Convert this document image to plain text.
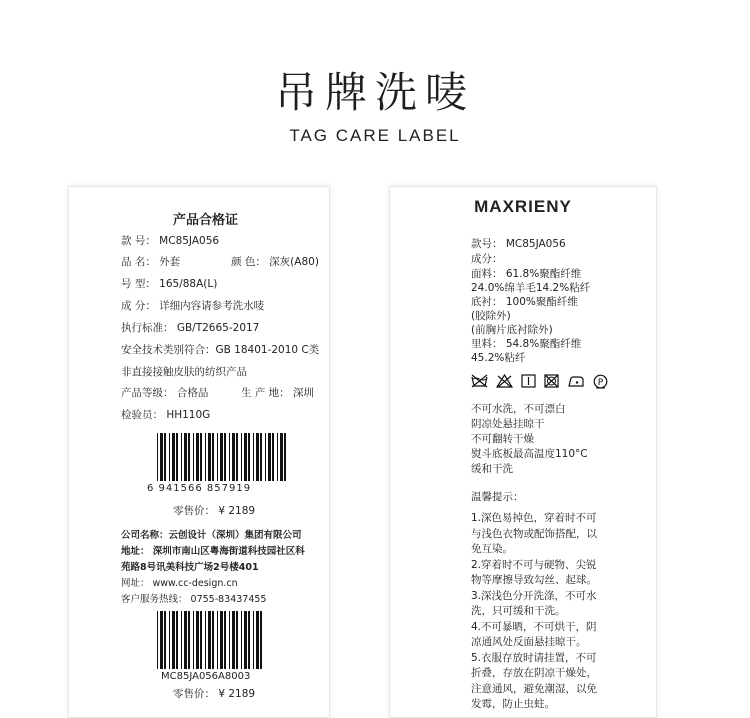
吊牌洗唛
TAG CARE LABEL
产品合格证
款 号： MC85JA056
品 名： 外套	颜 色： 深灰(A80)
号 型： 165/88A(L)
成 分： 详细内容请参考洗水唛
执行标准： GB/T2665-2017
安全技术类别符合：GB 18401-2010 C类
非直接接触皮肤的纺织产品
产品等级： 合格品	生 产 地： 深圳
检验员： HH110G
6 941566 857919
零售价： ¥ 2189
公司名称：云创设计（深圳）集团有限公司
地址： 深圳市南山区粤海街道科技园社区科
苑路8号讯美科技广场2号楼401
网址： www.cc-design.cn
客户服务热线： 0755-83437455
MC85JA056A8003
零售价： ¥ 2189
MAXRIENY
款号： MC85JA056
成分：
面料： 61.8%聚酯纤维
24.0%绵羊毛14.2%粘纤
底衬： 100%聚酯纤维
(胶除外)
(前胸片底衬除外)
里料： 54.8%聚酯纤维
45.2%粘纤
P
不可水洗，不可漂白
阴凉处悬挂晾干
不可翻转干燥
熨斗底板最高温度110°C
缓和干洗
温馨提示：
1.深色易掉色，穿着时不可
与浅色衣物或配饰搭配，以
免互染。
2.穿着时不可与硬物、尖锐
物等摩擦导致勾丝、起球。
3.深浅色分开洗涤，不可水
洗，只可缓和干洗。
4.不可暴晒，不可烘干，阴
凉通风处反面悬挂晾干。
5.衣服存放时请挂置，不可
折叠，存放在阴凉干燥处，
注意通风，避免潮湿，以免
发霉，防止虫蛀。
